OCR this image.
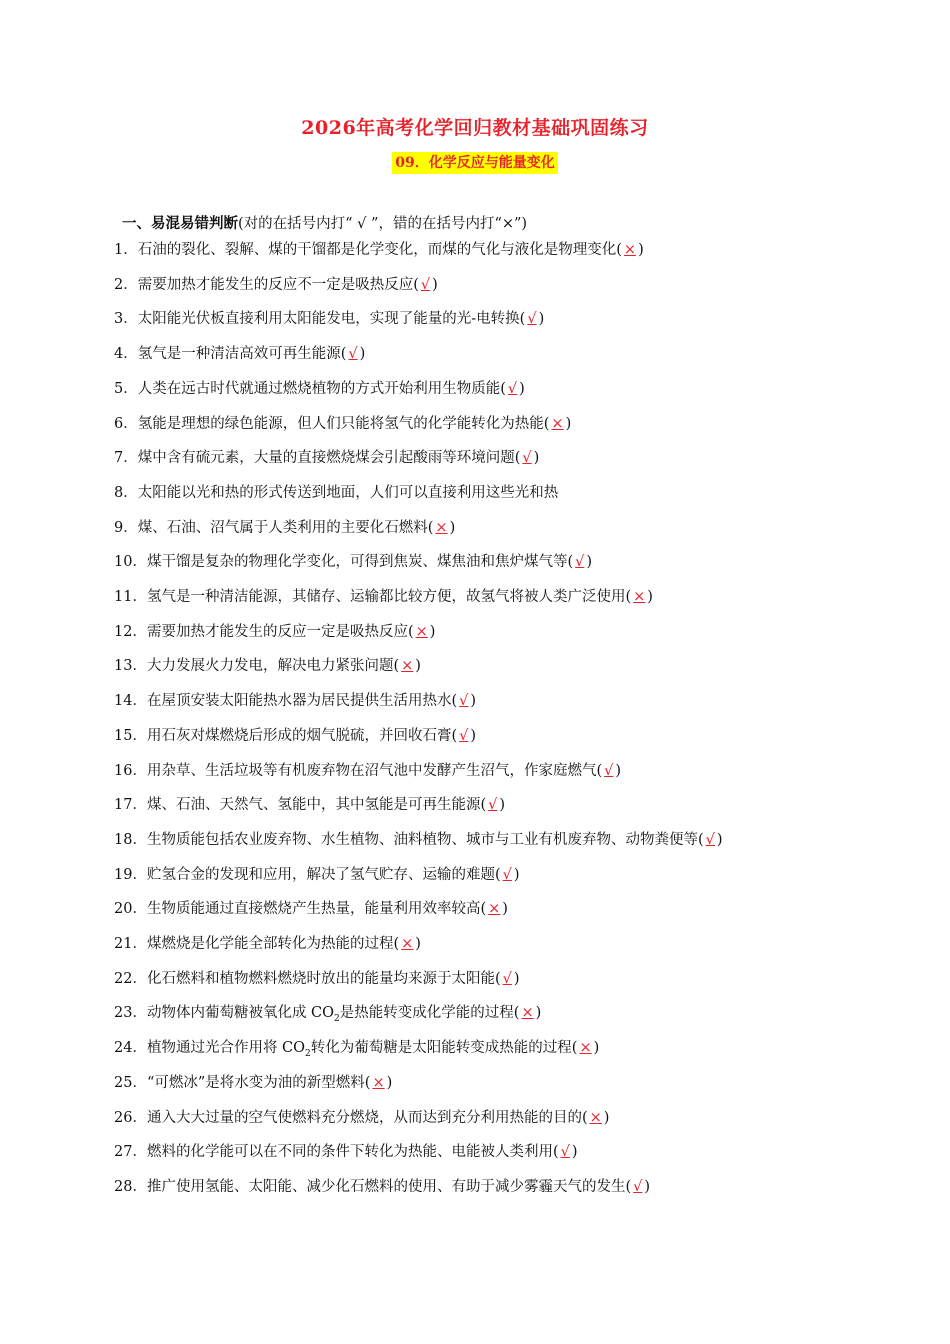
2026年高考化学回归教材基础巩固练习
09．化学反应与能量变化
一、易混易错判断(对的在括号内打“ √ ”，错的在括号内打“×”)
1．石油的裂化、裂解、煤的干馏都是化学变化，而煤的气化与液化是物理变化( × )
2．需要加热才能发生的反应不一定是吸热反应( √ )
3．太阳能光伏板直接利用太阳能发电，实现了能量的光-电转换( √ )
4．氢气是一种清洁高效可再生能源( √ )
5．人类在远古时代就通过燃烧植物的方式开始利用生物质能( √ )
6．氢能是理想的绿色能源，但人们只能将氢气的化学能转化为热能( × )
7．煤中含有硫元素，大量的直接燃烧煤会引起酸雨等环境问题( √ )
8．太阳能以光和热的形式传送到地面，人们可以直接利用这些光和热
9．煤、石油、沼气属于人类利用的主要化石燃料( × )
10．煤干馏是复杂的物理化学变化，可得到焦炭、煤焦油和焦炉煤气等( √ )
11．氢气是一种清洁能源，其储存、运输都比较方便，故氢气将被人类广泛使用( × )
12．需要加热才能发生的反应一定是吸热反应( × )
13．大力发展火力发电，解决电力紧张问题( × )
14．在屋顶安装太阳能热水器为居民提供生活用热水( √ )
15．用石灰对煤燃烧后形成的烟气脱硫，并回收石膏( √ )
16．用杂草、生活垃圾等有机废弃物在沼气池中发酵产生沼气，作家庭燃气( √ )
17．煤、石油、天然气、氢能中，其中氢能是可再生能源( √ )
18．生物质能包括农业废弃物、水生植物、油料植物、城市与工业有机废弃物、动物粪便等( √ )
19．贮氢合金的发现和应用，解决了氢气贮存、运输的难题( √ )
20．生物质能通过直接燃烧产生热量，能量利用效率较高( × )
21．煤燃烧是化学能全部转化为热能的过程( × )
22．化石燃料和植物燃料燃烧时放出的能量均来源于太阳能( √ )
23．动物体内葡萄糖被氧化成 $CO_2$是热能转变成化学能的过程( × )
24．植物通过光合作用将 $CO_2$转化为葡萄糖是太阳能转变成热能的过程( × )
25．“可燃冰”是将水变为油的新型燃料( × )
26．通入大大过量的空气使燃料充分燃烧，从而达到充分利用热能的目的( × )
27．燃料的化学能可以在不同的条件下转化为热能、电能被人类利用( √ )
28．推广使用氢能、太阳能、减少化石燃料的使用、有助于减少雾霾天气的发生( √ )
